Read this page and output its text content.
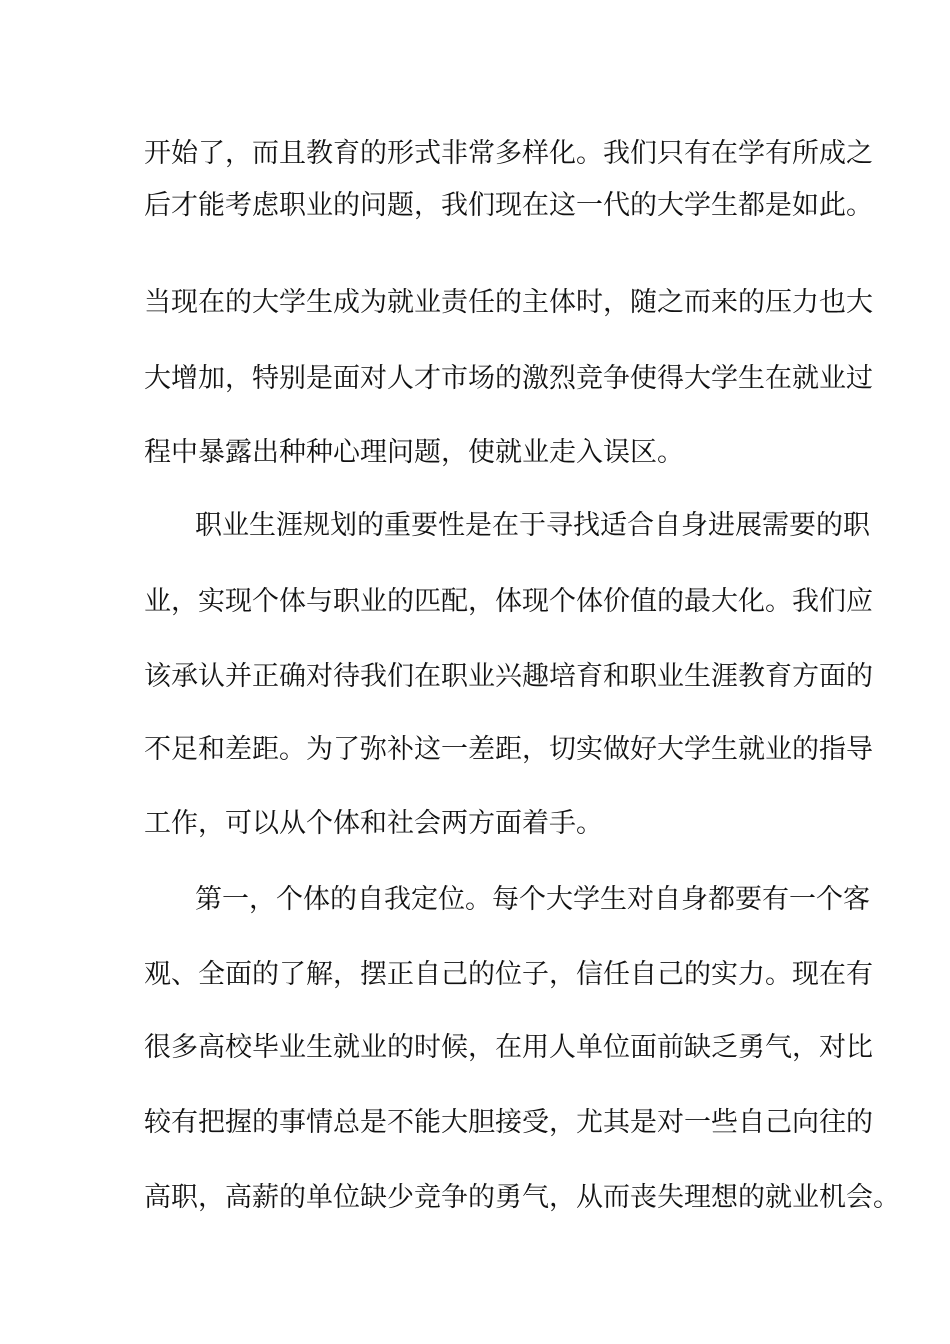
开始了，而且教育的形式非常多样化。我们只有在学有所成之
后才能考虑职业的问题，我们现在这一代的大学生都是如此。
当现在的大学生成为就业责任的主体时，随之而来的压力也大
大增加，特别是面对人才市场的激烈竞争使得大学生在就业过
程中暴露出种种心理问题，使就业走入误区。
职业生涯规划的重要性是在于寻找适合自身进展需要的职
业，实现个体与职业的匹配，体现个体价值的最大化。我们应
该承认并正确对待我们在职业兴趣培育和职业生涯教育方面的
不足和差距。为了弥补这一差距，切实做好大学生就业的指导
工作，可以从个体和社会两方面着手。
第一，个体的自我定位。每个大学生对自身都要有一个客
观、全面的了解，摆正自己的位子，信任自己的实力。现在有
很多高校毕业生就业的时候，在用人单位面前缺乏勇气，对比
较有把握的事情总是不能大胆接受，尤其是对一些自己向往的
高职，高薪的单位缺少竞争的勇气，从而丧失理想的就业机会。
